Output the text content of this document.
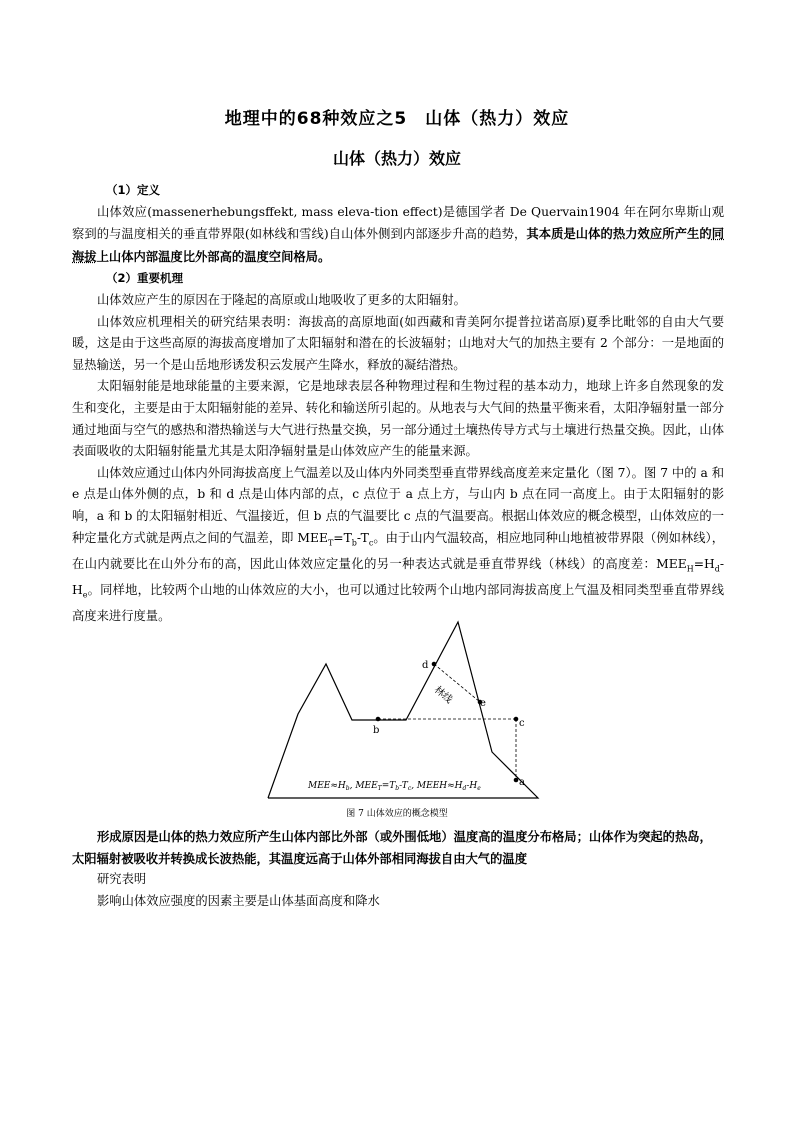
地理中的68种效应之5　山体（热力）效应
山体（热力）效应

（1）定义

山体效应(massenerhebungsffekt, mass eleva-tion effect)是德国学者 De Quervain1904 年在阿尔卑斯山观察到的与温度相关的垂直带界限(如林线和雪线)自山体外侧到内部逐步升高的趋势，其本质是山体的热力效应所产生的同海拔上山体内部温度比外部高的温度空间格局。

（2）重要机理

山体效应产生的原因在于隆起的高原或山地吸收了更多的太阳辐射。

山体效应机理相关的研究结果表明：海拔高的高原地面(如西藏和青美阿尔提普拉诺高原)夏季比毗邻的自由大气要暖，这是由于这些高原的海拔高度增加了太阳辐射和潜在的长波辐射；山地对大气的加热主要有 2 个部分：一是地面的显热输送，另一个是山岳地形诱发积云发展产生降水，释放的凝结潜热。

太阳辐射能是地球能量的主要来源，它是地球表层各种物理过程和生物过程的基本动力，地球上许多自然现象的发生和变化，主要是由于太阳辐射能的差异、转化和输送所引起的。从地表与大气间的热量平衡来看，太阳净辐射量一部分通过地面与空气的感热和潜热输送与大气进行热量交换，另一部分通过土壤热传导方式与土壤进行热量交换。因此，山体表面吸收的太阳辐射能量尤其是太阳净辐射量是山体效应产生的能量来源。

山体效应通过山体内外同海拔高度上气温差以及山体内外同类型垂直带界线高度差来定量化（图 7）。图 7 中的 a 和 e 点是山体外侧的点，b 和 d 点是山体内部的点，c 点位于 a 点上方，与山内 b 点在同一高度上。由于太阳辐射的影响，a 和 b 的太阳辐射相近、气温接近，但 b 点的气温要比 c 点的气温要高。根据山体效应的概念模型，山体效应的一种定量化方式就是两点之间的气温差，即 $MEE_T=T_b-T_c$。由于山内气温较高，相应地同种山地植被带界限（例如林线），在山内就要比在山外分布的高，因此山体效应定量化的另一种表达式就是垂直带界线（林线）的高度差：$MEE_H=H_d-H_e$。同样地，比较两个山地的山体效应的大小，也可以通过比较两个山地内部同海拔高度上气温及相同类型垂直带界线高度来进行度量。

b
c
d
e
a
林线
$MEE\approx H_b$, $MEE_T=T_b-T_c$, $MEEH\approx H_d-H_e$
图 7 山体效应的概念模型

形成原因是山体的热力效应所产生山体内部比外部（或外围低地）温度高的温度分布格局；山体作为突起的热岛，太阳辐射被吸收并转换成长波热能，其温度远高于山体外部相同海拔自由大气的温度

研究表明

影响山体效应强度的因素主要是山体基面高度和降水
